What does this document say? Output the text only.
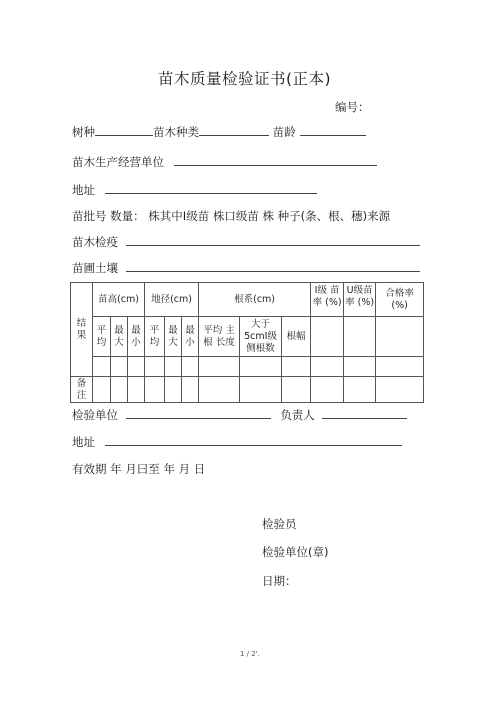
苗木质量检验证书(正本)
编号：
树种	苗木种类	苗龄
苗木生产经营单位
地址
苗批号 数量： 株其中Ⅰ级苗 株口级苗 株 种子(条、根、穗)来源
苗木检疫
苗圃土壤
结果	苗高(cm)			地径(cm)			根系(cm)			Ⅰ级 苗率 (%)	U级苗率 (%)	合格率 (%)
	平均	最大	最小	平均	最大	最小	平均 主根 长度	大于5cmⅠ级侧根数	根幅			

备注												
检验单位	负责人
地址
有效期 年 月曰至 年 月 日
检验员
检验单位(章)
日期：
1 / 2'.
